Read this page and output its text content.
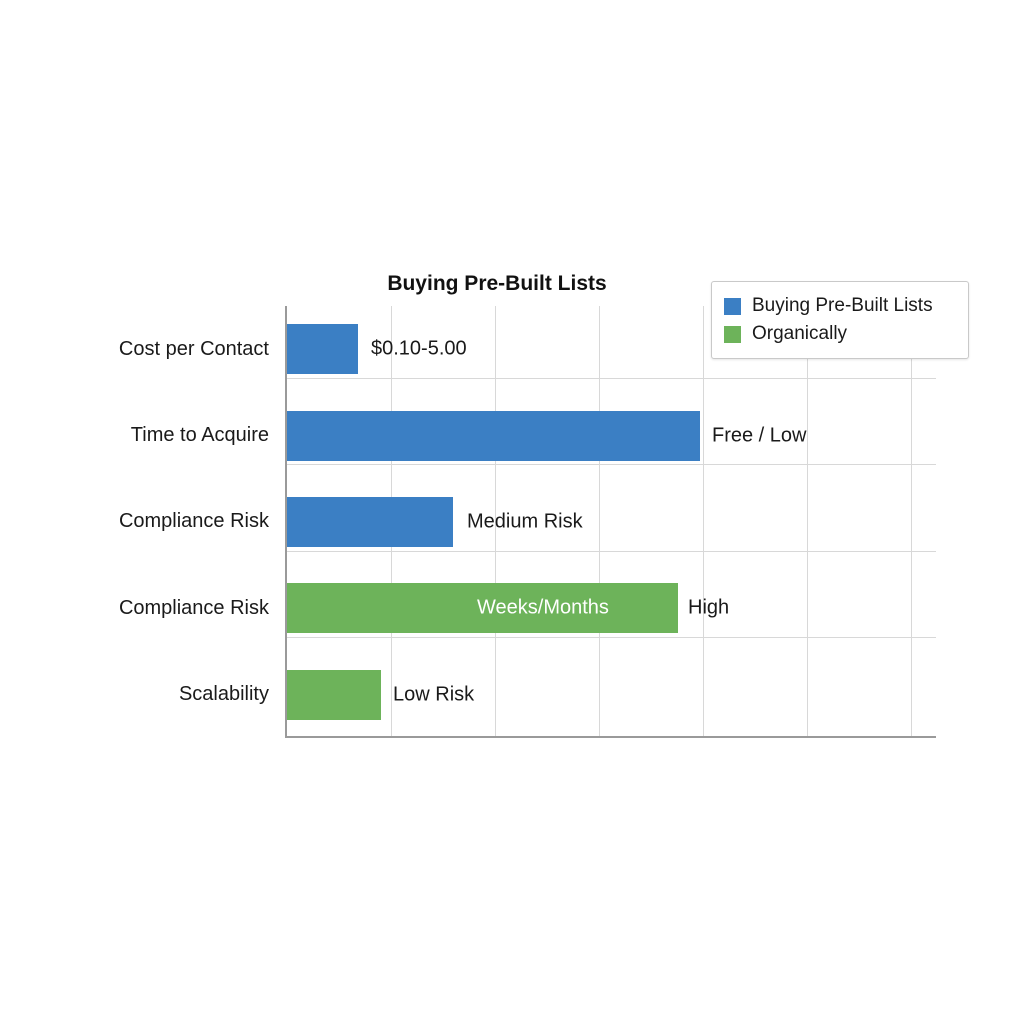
Buying Pre-Built Lists
Cost per Contact	$0.10-5.00
Time to Acquire	Free / Low
Compliance Risk	Medium Risk
Compliance Risk	Weeks/Months	High
Scalability	Low Risk
Buying Pre-Built Lists
Organically
